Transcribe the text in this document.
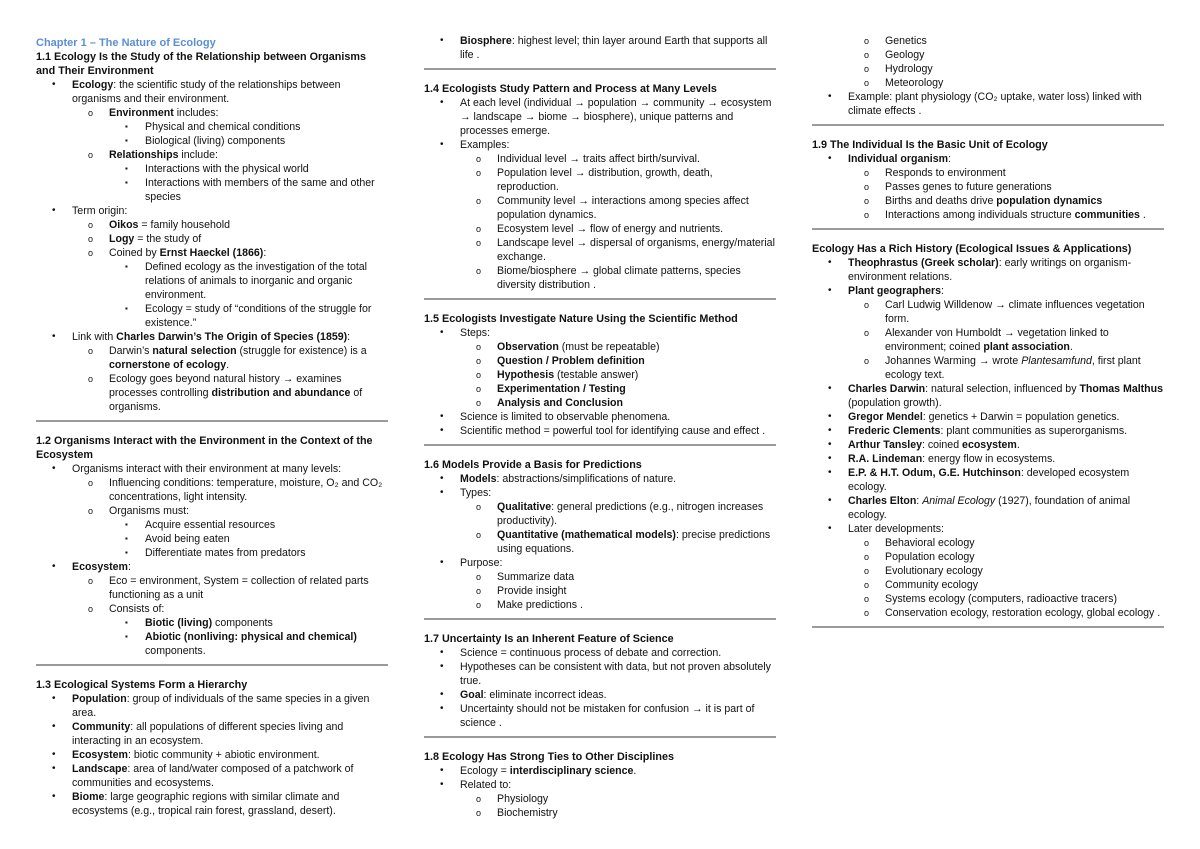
Chapter 1 – The Nature of Ecology
1.1 Ecology Is the Study of the Relationship between Organisms and Their Environment
• Ecology: the scientific study of the relationships between organisms and their environment.
o Environment includes:
▪ Physical and chemical conditions
▪ Biological (living) components
o Relationships include:
▪ Interactions with the physical world
▪ Interactions with members of the same and other species
• Term origin:
o Oikos = family household
o Logy = the study of
o Coined by Ernst Haeckel (1866):
▪ Defined ecology as the investigation of the total relations of animals to inorganic and organic environment.
▪ Ecology = study of “conditions of the struggle for existence.”
• Link with Charles Darwin’s The Origin of Species (1859):
o Darwin’s natural selection (struggle for existence) is a cornerstone of ecology.
o Ecology goes beyond natural history → examines processes controlling distribution and abundance of organisms.
1.2 Organisms Interact with the Environment in the Context of the Ecosystem
• Organisms interact with their environment at many levels:
o Influencing conditions: temperature, moisture, O₂ and CO₂ concentrations, light intensity.
o Organisms must:
▪ Acquire essential resources
▪ Avoid being eaten
▪ Differentiate mates from predators
• Ecosystem:
o Eco = environment, System = collection of related parts functioning as a unit
o Consists of:
▪ Biotic (living) components
▪ Abiotic (nonliving: physical and chemical) components.
1.3 Ecological Systems Form a Hierarchy
• Population: group of individuals of the same species in a given area.
• Community: all populations of different species living and interacting in an ecosystem.
• Ecosystem: biotic community + abiotic environment.
• Landscape: area of land/water composed of a patchwork of communities and ecosystems.
• Biome: large geographic regions with similar climate and ecosystems (e.g., tropical rain forest, grassland, desert).
• Biosphere: highest level; thin layer around Earth that supports all life .
1.4 Ecologists Study Pattern and Process at Many Levels
• At each level (individual → population → community → ecosystem → landscape → biome → biosphere), unique patterns and processes emerge.
• Examples:
o Individual level → traits affect birth/survival.
o Population level → distribution, growth, death, reproduction.
o Community level → interactions among species affect population dynamics.
o Ecosystem level → flow of energy and nutrients.
o Landscape level → dispersal of organisms, energy/material exchange.
o Biome/biosphere → global climate patterns, species diversity distribution .
1.5 Ecologists Investigate Nature Using the Scientific Method
• Steps:
o Observation (must be repeatable)
o Question / Problem definition
o Hypothesis (testable answer)
o Experimentation / Testing
o Analysis and Conclusion
• Science is limited to observable phenomena.
• Scientific method = powerful tool for identifying cause and effect .
1.6 Models Provide a Basis for Predictions
• Models: abstractions/simplifications of nature.
• Types:
o Qualitative: general predictions (e.g., nitrogen increases productivity).
o Quantitative (mathematical models): precise predictions using equations.
• Purpose:
o Summarize data
o Provide insight
o Make predictions .
1.7 Uncertainty Is an Inherent Feature of Science
• Science = continuous process of debate and correction.
• Hypotheses can be consistent with data, but not proven absolutely true.
• Goal: eliminate incorrect ideas.
• Uncertainty should not be mistaken for confusion → it is part of science .
1.8 Ecology Has Strong Ties to Other Disciplines
• Ecology = interdisciplinary science.
• Related to:
o Physiology
o Biochemistry
o Genetics
o Geology
o Hydrology
o Meteorology
• Example: plant physiology (CO₂ uptake, water loss) linked with climate effects .
1.9 The Individual Is the Basic Unit of Ecology
• Individual organism:
o Responds to environment
o Passes genes to future generations
o Births and deaths drive population dynamics
o Interactions among individuals structure communities .
Ecology Has a Rich History (Ecological Issues & Applications)
• Theophrastus (Greek scholar): early writings on organism-environment relations.
• Plant geographers:
o Carl Ludwig Willdenow → climate influences vegetation form.
o Alexander von Humboldt → vegetation linked to environment; coined plant association.
o Johannes Warming → wrote Plantesamfund, first plant ecology text.
• Charles Darwin: natural selection, influenced by Thomas Malthus (population growth).
• Gregor Mendel: genetics + Darwin = population genetics.
• Frederic Clements: plant communities as superorganisms.
• Arthur Tansley: coined ecosystem.
• R.A. Lindeman: energy flow in ecosystems.
• E.P. & H.T. Odum, G.E. Hutchinson: developed ecosystem ecology.
• Charles Elton: Animal Ecology (1927), foundation of animal ecology.
• Later developments:
o Behavioral ecology
o Population ecology
o Evolutionary ecology
o Community ecology
o Systems ecology (computers, radioactive tracers)
o Conservation ecology, restoration ecology, global ecology .
